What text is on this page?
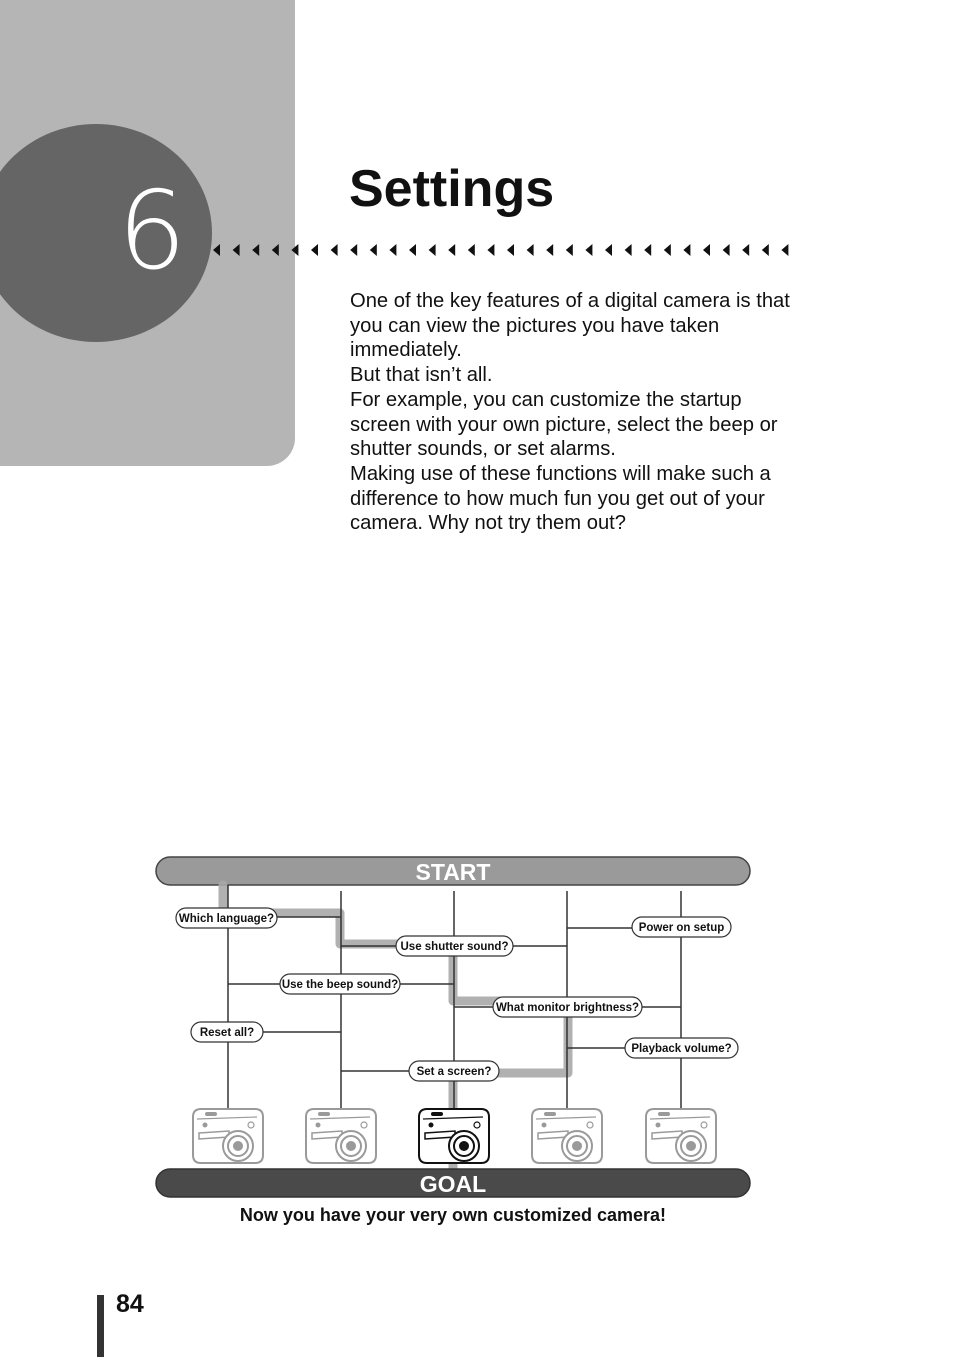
6	Settings

One of the key features of a digital camera is that you can view the pictures you have taken immediately.

But that isn’t all.

For example, you can customize the startup screen with your own picture, select the beep or shutter sounds, or set alarms.

Making use of these functions will make such a difference to how much fun you get out of your camera. Why not try them out?

START
Which language?
Use shutter sound?
Power on setup
Use the beep sound?
What monitor brightness?
Reset all?
Playback volume?
Set a screen?
GOAL
Now you have your very own customized camera!
84
